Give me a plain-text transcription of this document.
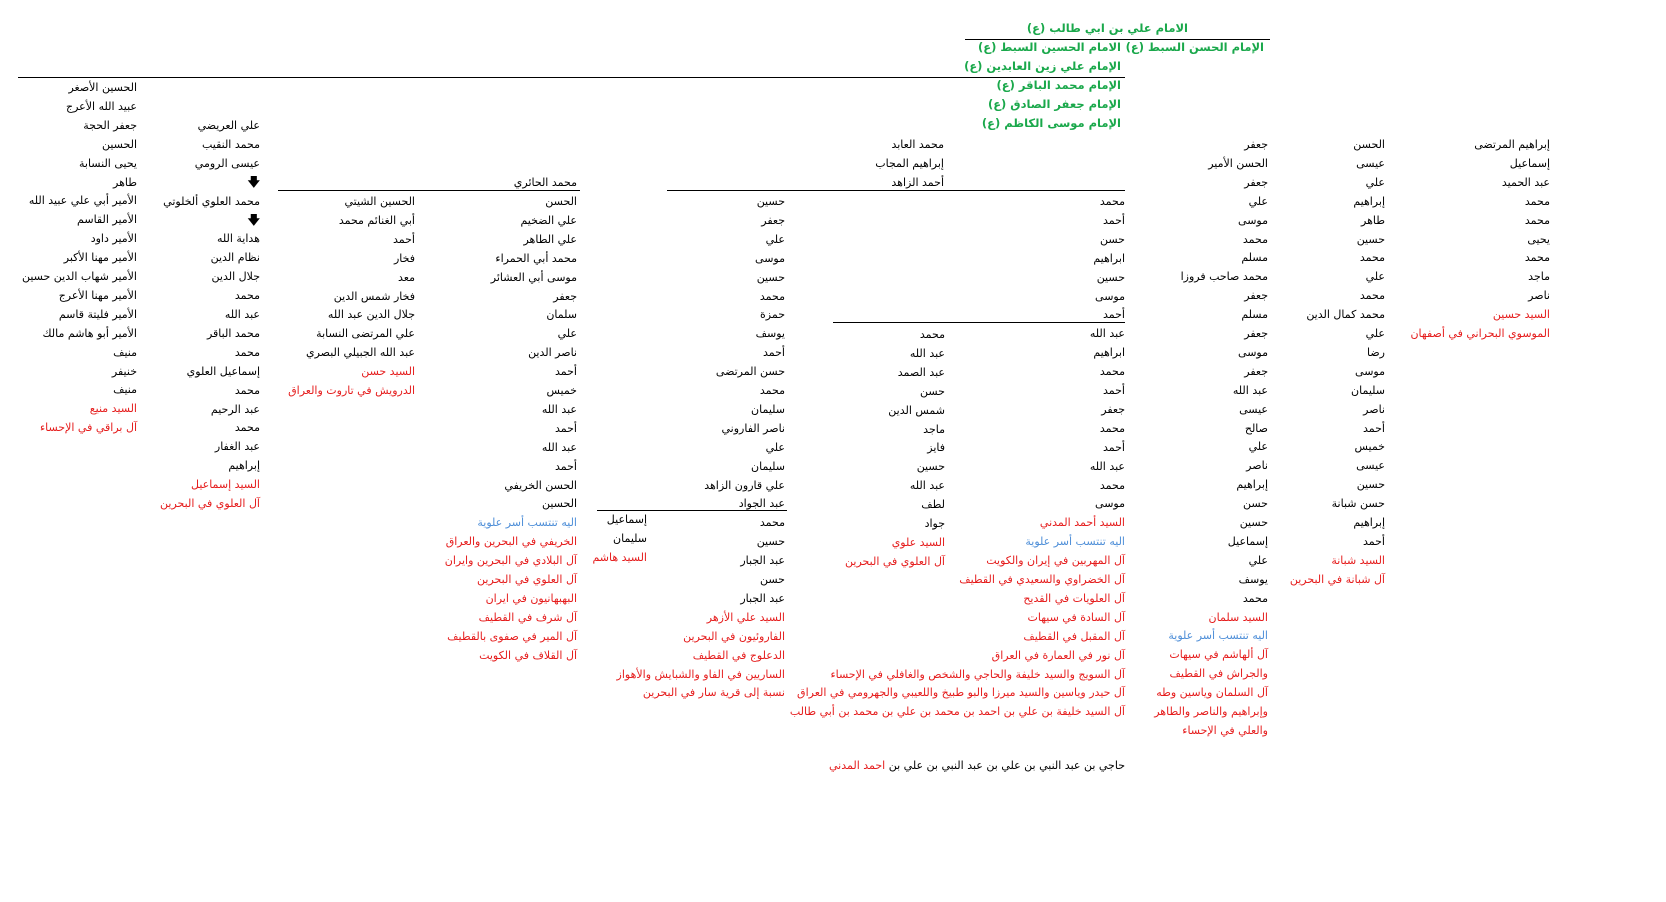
الامام علي بن ابي طالب (ع)
الإمام الحسن السبط (ع)
الامام الحسين السبط (ع)
الإمام علي زين العابدين (ع)
الإمام محمد الباقر (ع)
الإمام جعفر الصادق (ع)
الإمام موسى الكاظم (ع)
محمد العابد
إبراهيم المجاب
أحمد الزاهد
محمد الحائري
حاجي بن عبد النبي بن علي بن عبد النبي بن علي بن احمد المدني
إبراهيم المرتضى
إسماعيل
عبد الحميد
محمد
محمد
يحيى
محمد
ماجد
ناصر
السيد حسين
الموسوي البحراني في أصفهان
الحسن
عيسى
علي
إبراهيم
طاهر
حسين
محمد
علي
محمد
محمد كمال الدين
علي
رضا
موسى
سليمان
ناصر
أحمد
خميس
عيسى
حسين
حسن شبانة
إبراهيم
أحمد
السيد شبانة
آل شبانة في البحرين
جعفر
الحسن الأمير
جعفر
علي
موسى
محمد
مسلم
محمد صاحب فروزا
جعفر
مسلم
جعفر
موسى
جعفر
عبد الله
عيسى
صالح
علي
ناصر
إبراهيم
حسن
حسين
إسماعيل
علي
يوسف
محمد
السيد سلمان
اليه تنتسب أسر علوية
آل ألهاشم في سيهات
والجراش في القطيف
آل السلمان وياسين وطه
وإبراهيم والناصر والطاهر
والعلي في الإحساء
محمد
أحمد
حسن
ابراهيم
حسين
موسى
أحمد
عبد الله
ابراهيم
محمد
أحمد
جعفر
محمد
أحمد
عبد الله
محمد
موسى
السيد أحمد المدني
اليه تنتسب أسر علوية
آل المهربين في إيران والكويت
آل الخضراوي والسعيدي في القطيف
آل العلويات في القديح
آل السادة في سيهات
آل المقبل في القطيف
آل نور في العمارة في العراق
آل السويج والسيد خليفة والحاجي والشخص والغافلي في الإحساء
آل حيدر وياسين والسيد ميرزا والبو طبيخ واللعيبي والجهرومي في العراق
آل السيد خليفة بن علي بن احمد بن محمد بن علي بن محمد بن أبي طالب
محمد
عبد الله
عبد الصمد
حسن
شمس الدين
ماجد
فايز
حسين
عبد الله
لطف
جواد
السيد علوي
آل العلوي في البحرين
حسين
جعفر
علي
موسى
حسين
محمد
حمزة
يوسف
أحمد
حسن المرتضى
محمد
سليمان
ناصر الفاروني
علي
سليمان
علي قارون الزاهد
عبد الجواد
محمد
حسين
عبد الجبار
حسن
عبد الجبار
السيد علي الأزهر
الفاروئيون في البحرين
الدعلوج في القطيف
الساريين في الفاو والشبايش والأهواز
نسبة إلى قرية سار في البحرين
إسماعيل
سليمان
السيد هاشم
الحسن
علي الضخيم
علي الطاهر
محمد أبي الحمراء
موسى أبي العشائر
جعفر
سلمان
علي
ناصر الدين
أحمد
خميس
عبد الله
أحمد
عبد الله
أحمد
الحسن الخريفي
الحسين
اليه تنتسب أسر علوية
الخريفي في البحرين والعراق
آل البلادي في البحرين وايران
آل العلوي في البحرين
البهبهانيون في ايران
آل شرف في القطيف
آل المير في صفوى بالقطيف
آل القلاف في الكويت
الحسين الشيتي
أبي الغنائم محمد
أحمد
فخار
معد
فخار شمس الدين
جلال الدين عبد الله
علي المرتضى النسابة
عبد الله الجبيلي البصري
السيد حسن
الدرويش في تاروت والعراق
علي العريضي
محمد النقيب
عيسى الرومي
🡇
محمد العلوي ألخلوتي
🡇
هداية الله
نظام الدين
جلال الدين
محمد
عبد الله
محمد الباقر
محمد
إسماعيل العلوي
محمد
عبد الرحيم
محمد
عبد الغفار
إبراهيم
السيد إسماعيل
آل العلوي في البحرين
الحسين الأصغر
عبيد الله الأعرج
جعفر الحجة
الحسين
يحيى النسابة
طاهر
الأمير أبي علي عبيد الله
الأمير القاسم
الأمير داود
الأمير مهنا الأكبر
الأمير شهاب الدين حسين
الأمير مهنا الأعرج
الأمير فليتة قاسم
الأمير أبو هاشم مالك
منيف
خنيفر
منيف
السيد منيع
آل براقي في الإحساء
